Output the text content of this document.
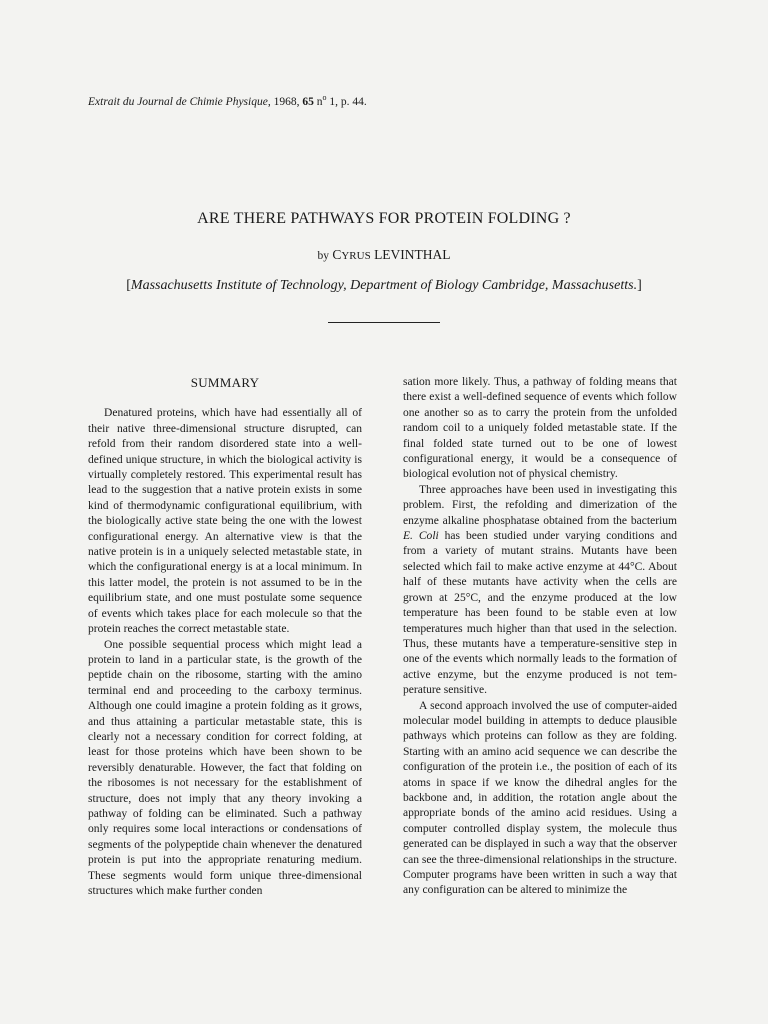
Extrait du Journal de Chimie Physique, 1968, 65 $n^o$ 1, p. 44.
ARE THERE PATHWAYS FOR PROTEIN FOLDING ?
by CYRUS LEVINTHAL
[Massachusetts Institute of Technology, Department of Biology Cambridge, Massachusetts.]
SUMMARY

Denatured proteins, which have had essentially all of their native three-dimensional structure disrupted, can refold from their random disordered state into a well-defined unique structure, in which the biological activity is virtually completely restored. This experimental result has lead to the suggestion that a native protein exists in some kind of thermodynamic configurational equilibrium, with the biologically active state being the one with the lowest configurational energy. An alternative view is that the native protein is in a uniquely selected metastable state, in which the configurational energy is at a local minimum. In this latter model, the protein is not assumed to be in the equilibrium state, and one must postulate some sequence of events which takes place for each molecule so that the protein reaches the correct metastable state.

One possible sequential process which might lead a protein to land in a particular state, is the growth of the peptide chain on the ribosome, starting with the amino terminal end and proceeding to the carboxy terminus. Although one could imagine a protein folding as it grows, and thus attaining a particular metastable state, this is clearly not a necessary condition for correct folding, at least for those proteins which have been shown to be reversibly denaturable. However, the fact that folding on the ribosomes is not necessary for the establishment of structure, does not imply that any theory invoking a pathway of folding can be eliminated. Such a pathway only requires some local interactions or condensations of segments of the polypeptide chain whenever the denatured protein is put into the appropriate renaturing medium. These segments would form unique three-dimensional structures which make further conden

sation more likely. Thus, a pathway of folding means that there exist a well-defined sequence of events which follow one another so as to carry the protein from the unfolded random coil to a uniquely folded metastable state. If the final folded state turned out to be one of lowest configurational energy, it would be a consequence of biological evolution not of physical chemistry.

Three approaches have been used in investigating this problem. First, the refolding and dimerization of the enzyme alkaline phosphatase obtained from the bacterium E. Coli has been studied under varying conditions and from a variety of mutant strains. Mutants have been selected which fail to make active enzyme at 44°C. About half of these mutants have activity when the cells are grown at 25°C, and the enzyme produced at the low temperature has been found to be stable even at low temperatures much higher than that used in the selection. Thus, these mutants have a temperature-sensitive step in one of the events which normally leads to the formation of active enzyme, but the enzyme produced is not temperature sensitive.

A second approach involved the use of computer-aided molecular model building in attempts to deduce plausible pathways which proteins can follow as they are folding. Starting with an amino acid sequence we can describe the configuration of the protein i.e., the position of each of its atoms in space if we know the dihedral angles for the backbone and, in addition, the rotation angle about the appropriate bonds of the amino acid residues. Using a computer controlled display system, the molecule thus generated can be displayed in such a way that the observer can see the three-dimensional relationships in the structure. Computer programs have been written in such a way that any configuration can be altered to minimize the
